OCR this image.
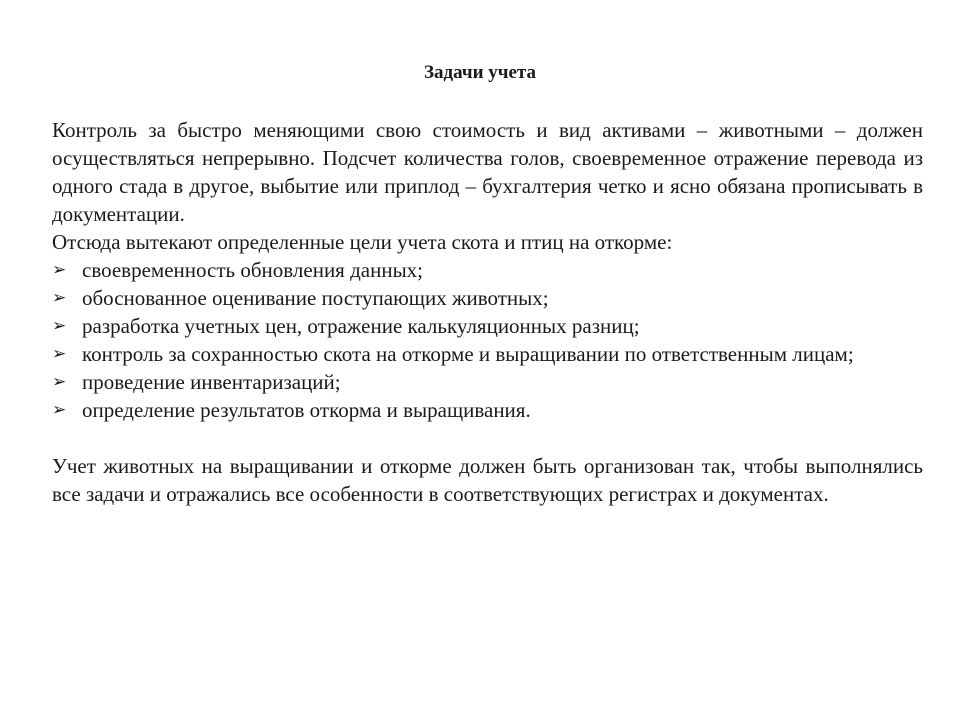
Задачи учета

Контроль за быстро меняющими свою стоимость и вид активами – животными – должен осуществляться непрерывно. Подсчет количества голов, своевременное отражение перевода из одного стада в другое, выбытие или приплод – бухгалтерия четко и ясно обязана прописывать в документации.

Отсюда вытекают определенные цели учета скота и птиц на откорме:

➢ своевременность обновления данных;
➢ обоснованное оценивание поступающих животных;
➢ разработка учетных цен, отражение калькуляционных разниц;
➢ контроль за сохранностью скота на откорме и выращивании по ответственным лицам;
➢ проведение инвентаризаций;
➢ определение результатов откорма и выращивания.

Учет животных на выращивании и откорме должен быть организован так, чтобы выполнялись все задачи и отражались все особенности в соответствующих регистрах и документах.
